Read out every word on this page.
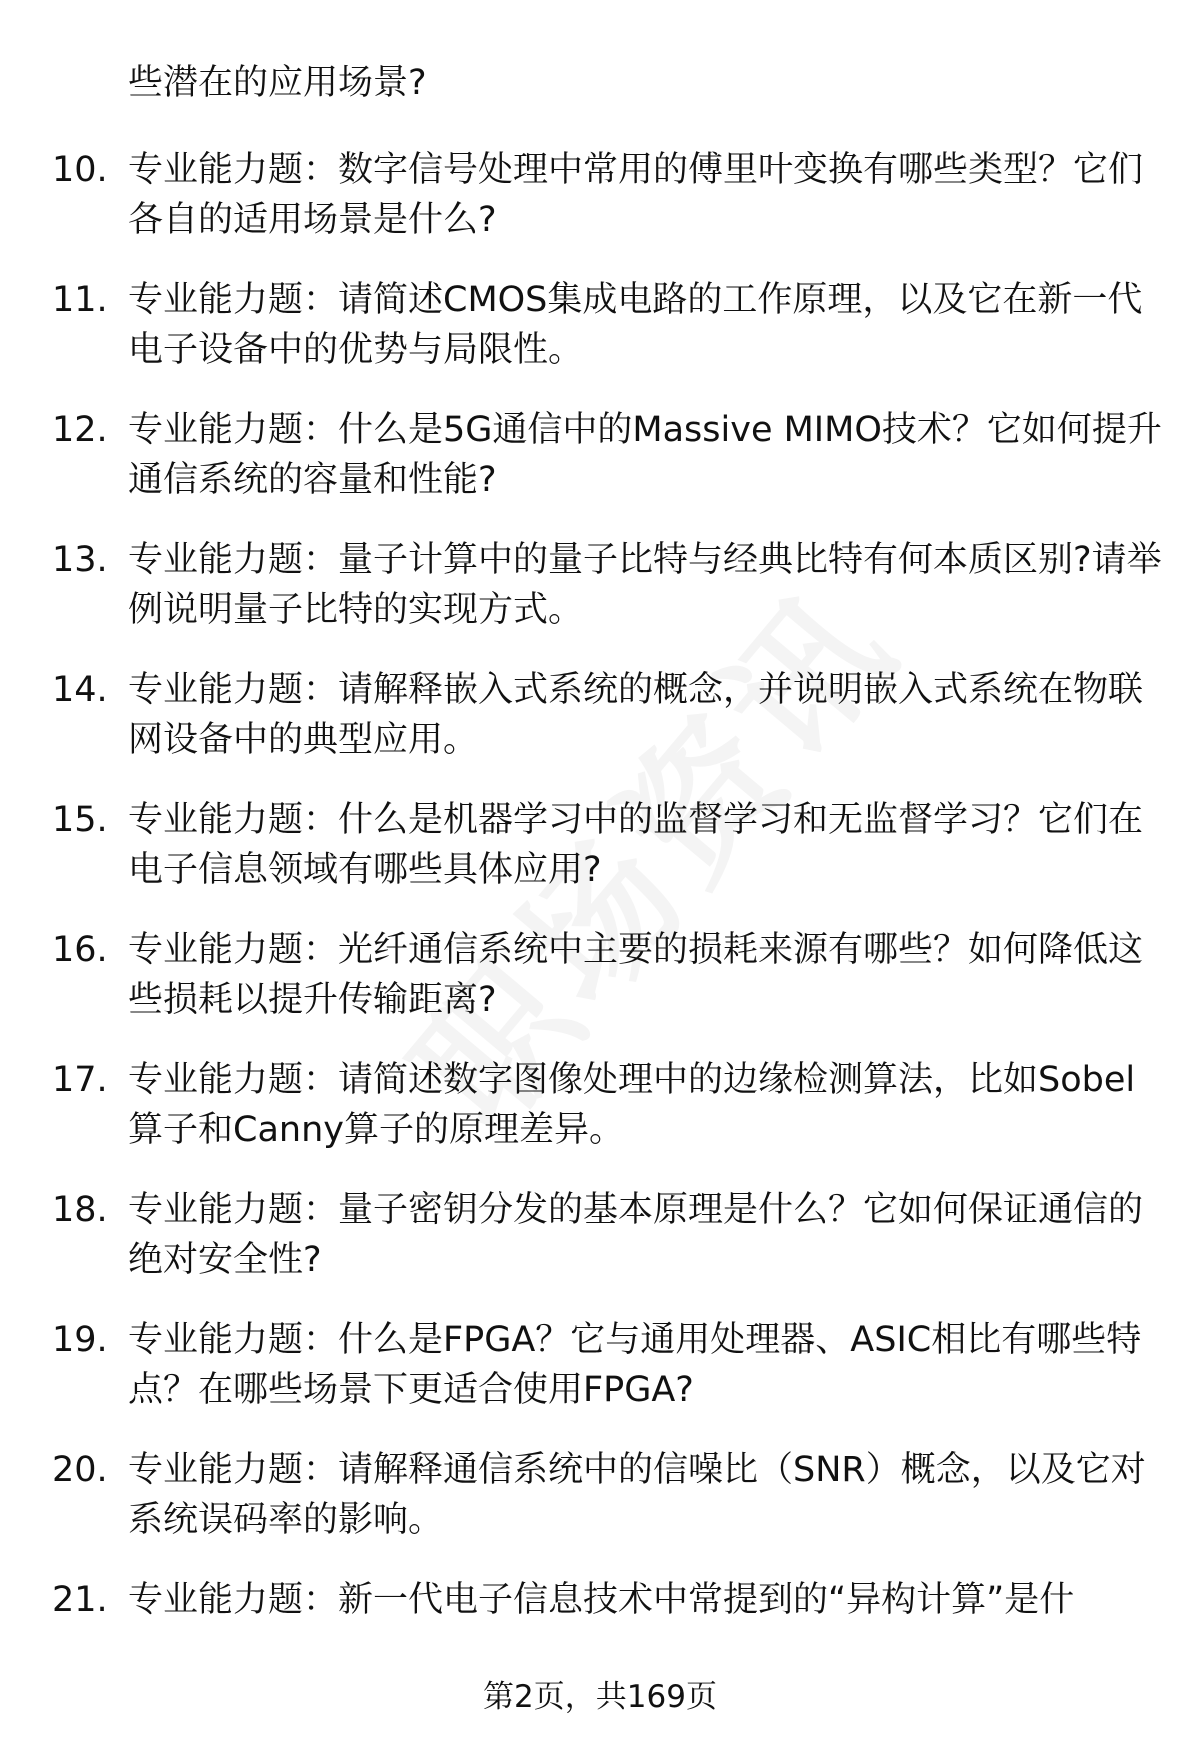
些潜在的应用场景?
10. 专业能力题：数字信号处理中常用的傅里叶变换有哪些类型？它们各自的适用场景是什么?
11. 专业能力题：请简述CMOS集成电路的工作原理，以及它在新一代电子设备中的优势与局限性。
12. 专业能力题：什么是5G通信中的Massive MIMO技术？它如何提升通信系统的容量和性能?
13. 专业能力题：量子计算中的量子比特与经典比特有何本质区别?请举例说明量子比特的实现方式。
14. 专业能力题：请解释嵌入式系统的概念，并说明嵌入式系统在物联网设备中的典型应用。
15. 专业能力题：什么是机器学习中的监督学习和无监督学习？它们在电子信息领域有哪些具体应用?
16. 专业能力题：光纤通信系统中主要的损耗来源有哪些？如何降低这些损耗以提升传输距离?
17. 专业能力题：请简述数字图像处理中的边缘检测算法，比如Sobel算子和Canny算子的原理差异。
18. 专业能力题：量子密钥分发的基本原理是什么？它如何保证通信的绝对安全性?
19. 专业能力题：什么是FPGA？它与通用处理器、ASIC相比有哪些特点？在哪些场景下更适合使用FPGA?
20. 专业能力题：请解释通信系统中的信噪比（SNR）概念，以及它对系统误码率的影响。
21. 专业能力题：新一代电子信息技术中常提到的“异构计算”是什
第2页，共169页
